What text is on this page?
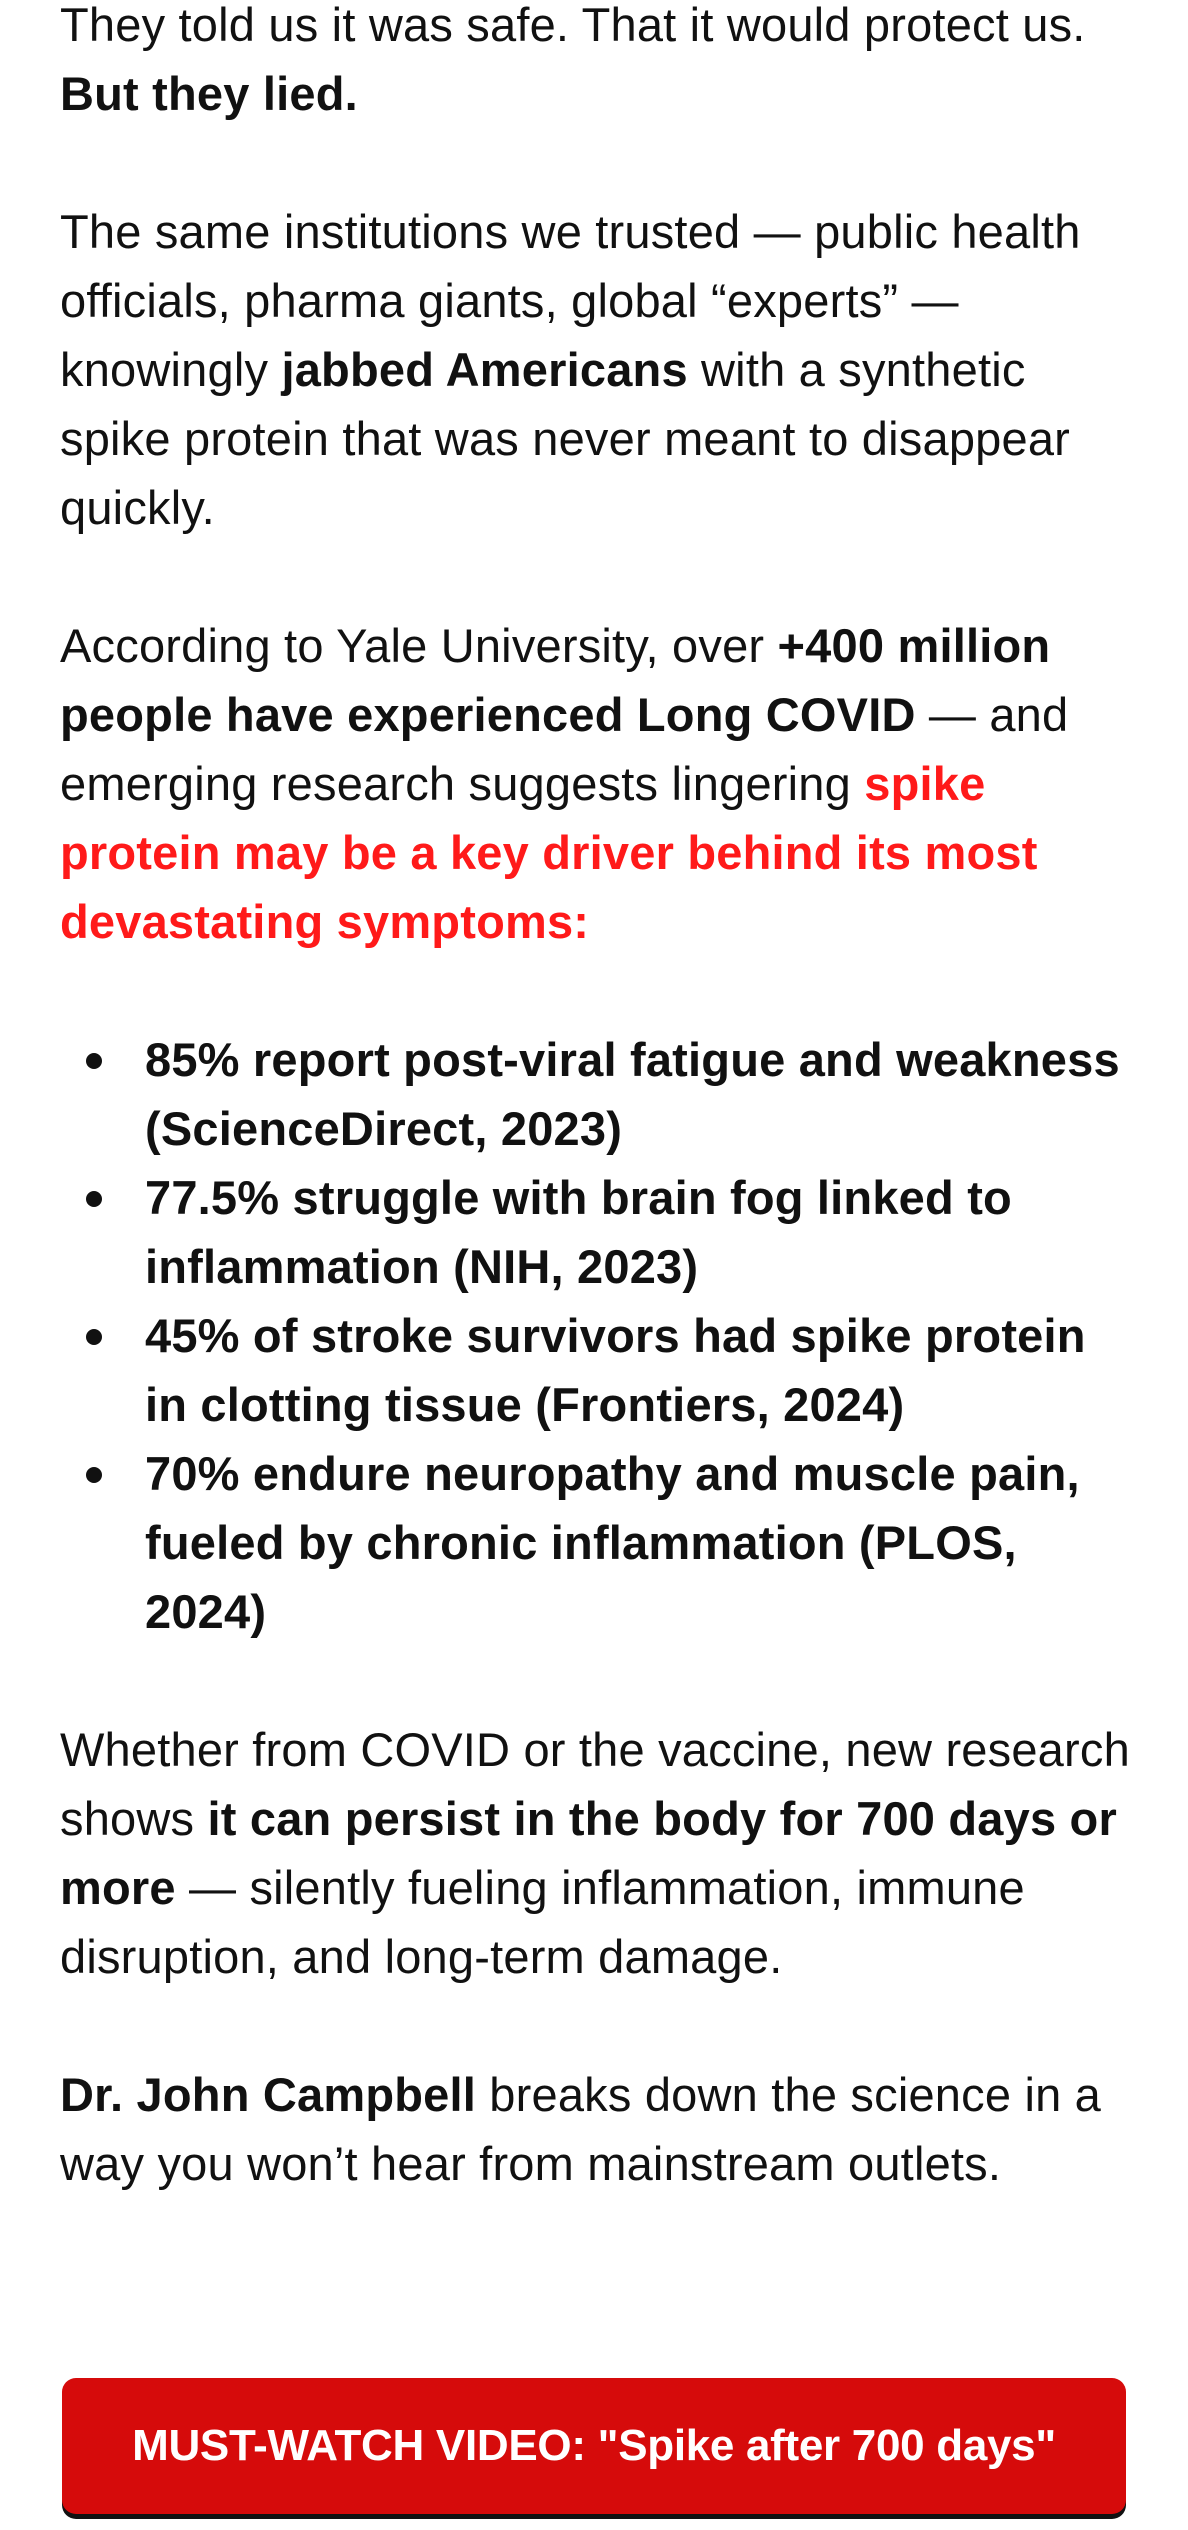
They told us it was safe. That it would protect us. But they lied.

The same institutions we trusted — public health officials, pharma giants, global “experts” — knowingly jabbed Americans with a synthetic spike protein that was never meant to disappear quickly.

According to Yale University, over +400 million people have experienced Long COVID — and emerging research suggests lingering spike protein may be a key driver behind its most devastating symptoms:

85% report post-viral fatigue and weakness (ScienceDirect, 2023)
77.5% struggle with brain fog linked to inflammation (NIH, 2023)
45% of stroke survivors had spike protein in clotting tissue (Frontiers, 2024)
70% endure neuropathy and muscle pain, fueled by chronic inflammation (PLOS, 2024)

Whether from COVID or the vaccine, new research shows it can persist in the body for 700 days or more — silently fueling inflammation, immune disruption, and long-term damage.

Dr. John Campbell breaks down the science in a way you won’t hear from mainstream outlets.

MUST-WATCH VIDEO: "Spike after 700 days"
